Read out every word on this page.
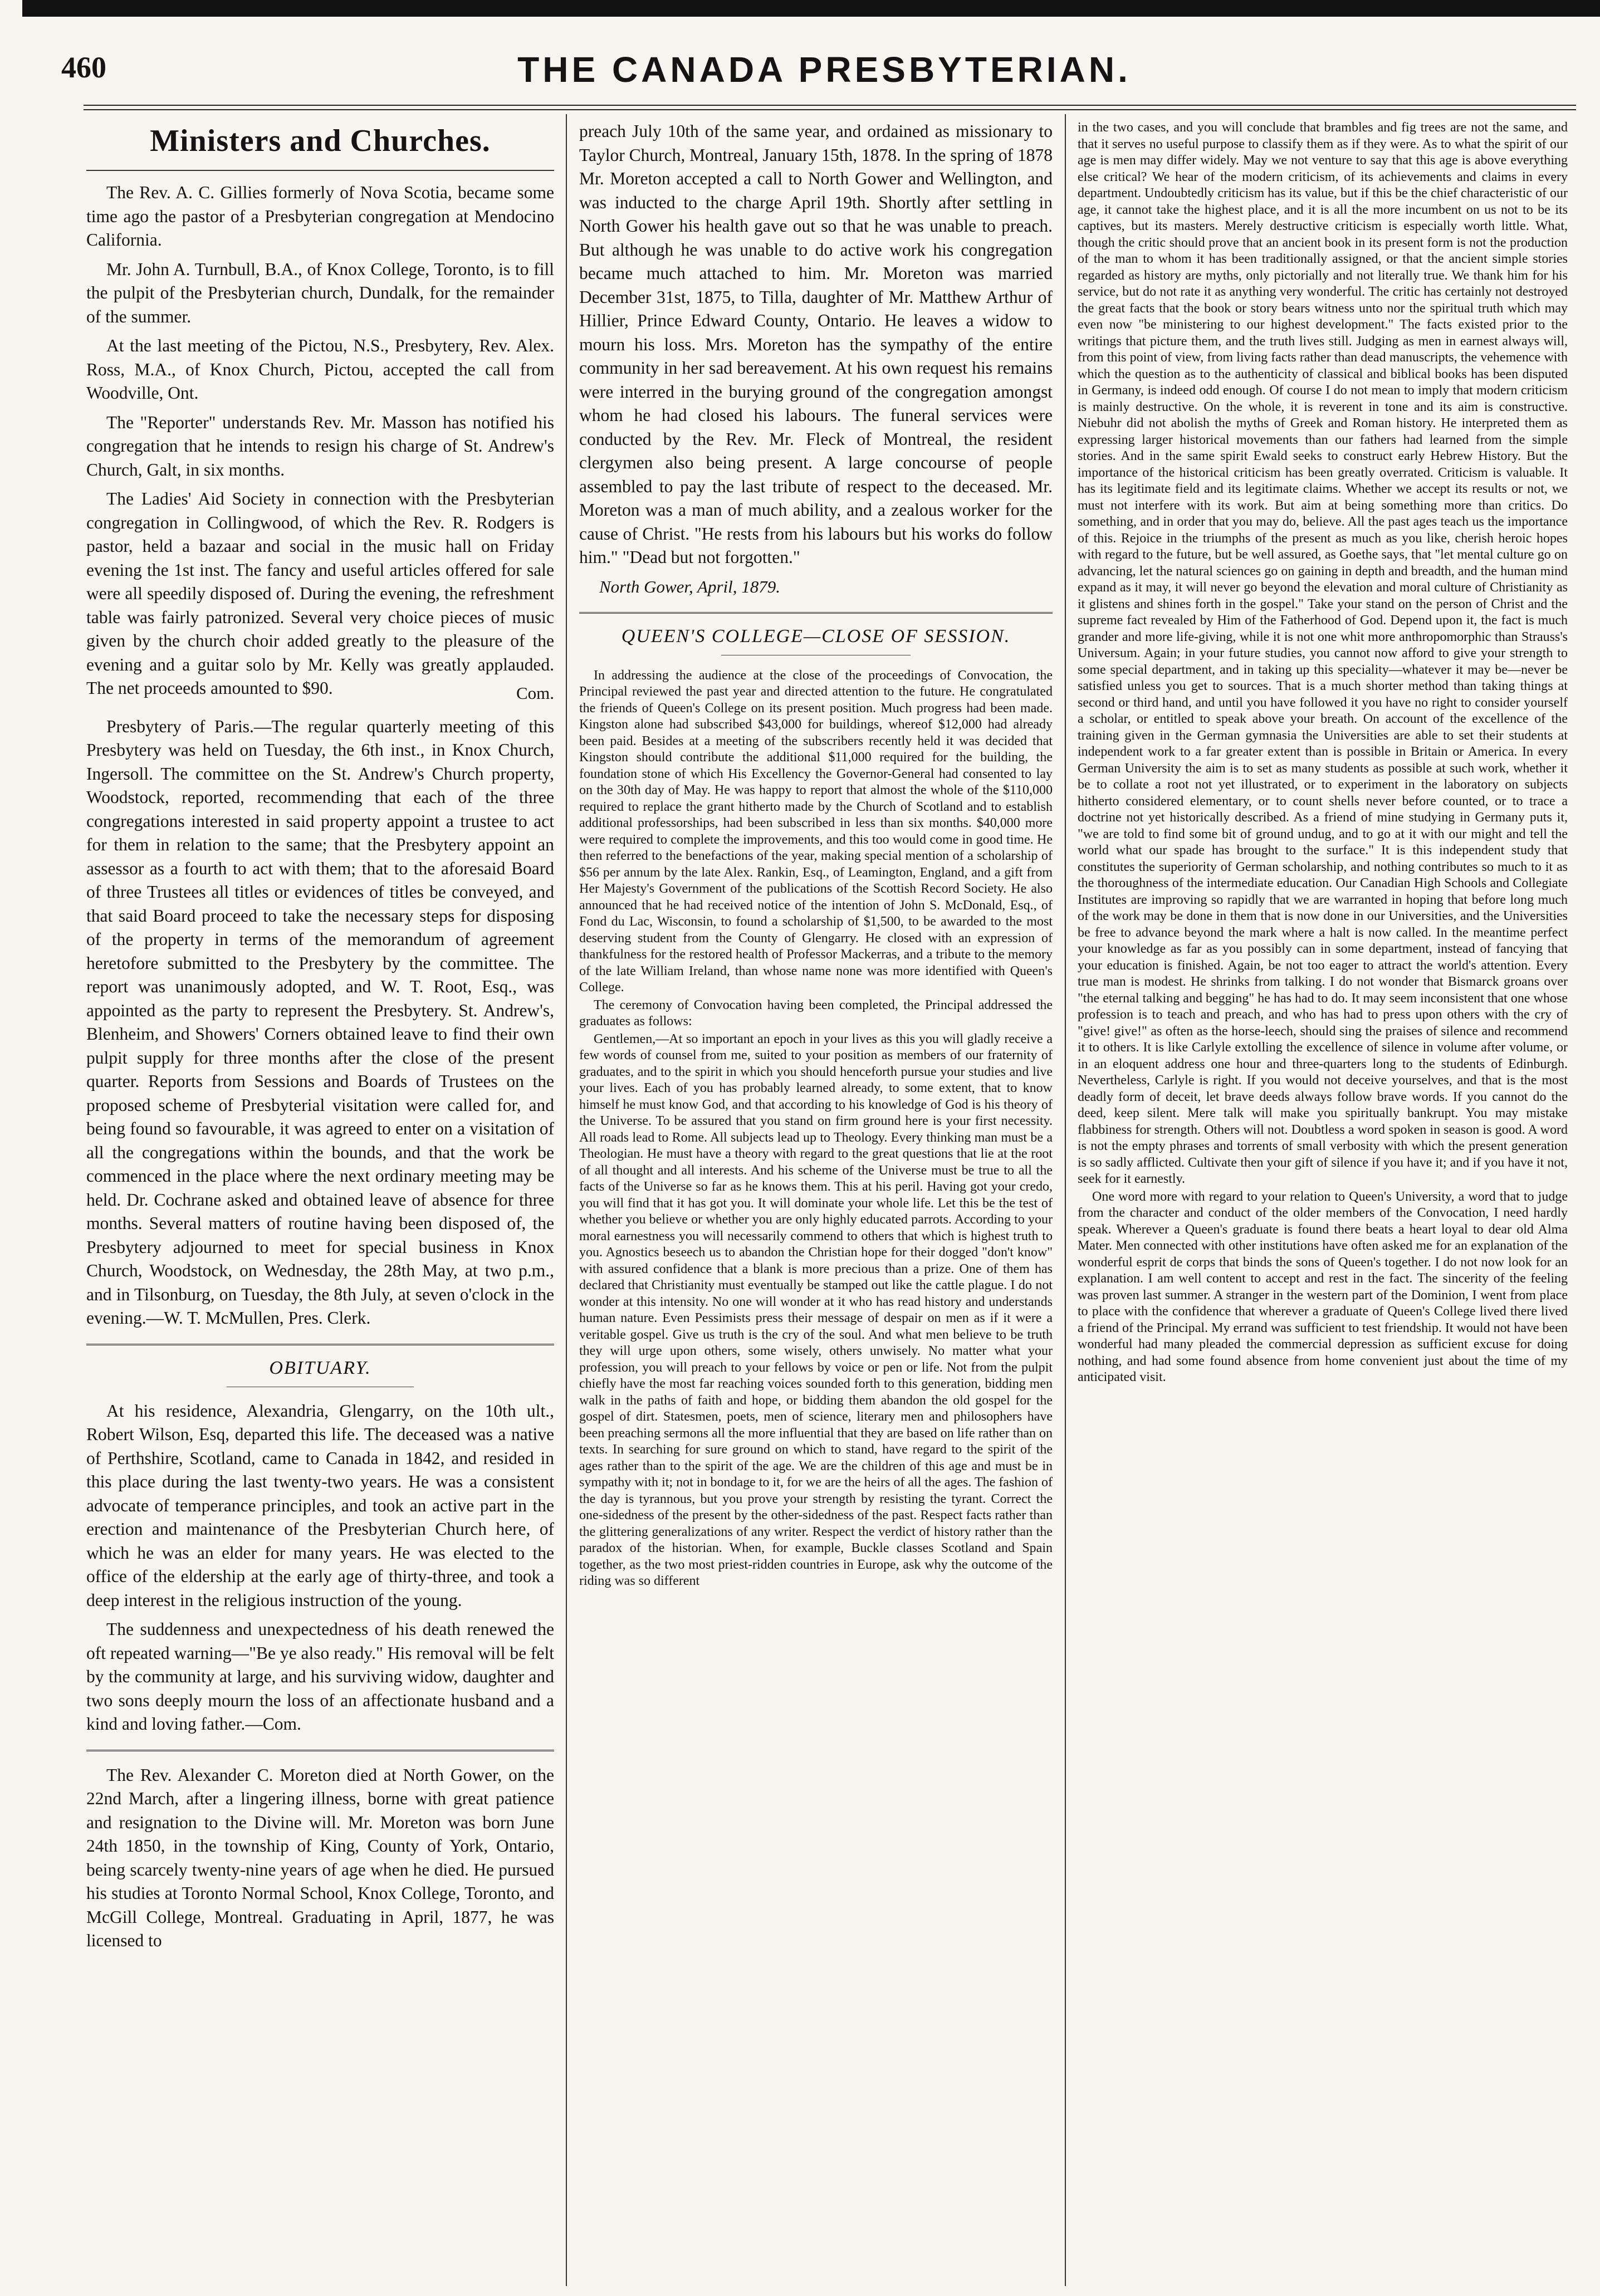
460	THE CANADA PRESBYTERIAN.
Ministers and Churches.

The Rev. A. C. Gillies formerly of Nova Scotia, became some time ago the pastor of a Presbyterian congregation at Mendocino California.

Mr. John A. Turnbull, B.A., of Knox College, Toronto, is to fill the pulpit of the Presbyterian church, Dundalk, for the remainder of the summer.

At the last meeting of the Pictou, N.S., Presbytery, Rev. Alex. Ross, M.A., of Knox Church, Pictou, accepted the call from Woodville, Ont.

The "Reporter" understands Rev. Mr. Masson has notified his congregation that he intends to resign his charge of St. Andrew's Church, Galt, in six months.

The Ladies' Aid Society in connection with the Presbyterian congregation in Collingwood, of which the Rev. R. Rodgers is pastor, held a bazaar and social in the music hall on Friday evening the 1st inst. The fancy and useful articles offered for sale were all speedily disposed of. During the evening, the refreshment table was fairly patronized. Several very choice pieces of music given by the church choir added greatly to the pleasure of the evening and a guitar solo by Mr. Kelly was greatly applauded. The net proceeds amounted to $90.	Com.

Presbytery of Paris.—The regular quarterly meeting of this Presbytery was held on Tuesday, the 6th inst., in Knox Church, Ingersoll. The committee on the St. Andrew's Church property, Woodstock, reported, recommending that each of the three congregations interested in said property appoint a trustee to act for them in relation to the same; that the Presbytery appoint an assessor as a fourth to act with them; that to the aforesaid Board of three Trustees all titles or evidences of titles be conveyed, and that said Board proceed to take the necessary steps for disposing of the property in terms of the memorandum of agreement heretofore submitted to the Presbytery by the committee. The report was unanimously adopted, and W. T. Root, Esq., was appointed as the party to represent the Presbytery. St. Andrew's, Blenheim, and Showers' Corners obtained leave to find their own pulpit supply for three months after the close of the present quarter. Reports from Sessions and Boards of Trustees on the proposed scheme of Presbyterial visitation were called for, and being found so favourable, it was agreed to enter on a visitation of all the congregations within the bounds, and that the work be commenced in the place where the next ordinary meeting may be held. Dr. Cochrane asked and obtained leave of absence for three months. Several matters of routine having been disposed of, the Presbytery adjourned to meet for special business in Knox Church, Woodstock, on Wednesday, the 28th May, at two p.m., and in Tilsonburg, on Tuesday, the 8th July, at seven o'clock in the evening.—W. T. McMullen, Pres. Clerk.

OBITUARY.

At his residence, Alexandria, Glengarry, on the 10th ult., Robert Wilson, Esq, departed this life. The deceased was a native of Perthshire, Scotland, came to Canada in 1842, and resided in this place during the last twenty-two years. He was a consistent advocate of temperance principles, and took an active part in the erection and maintenance of the Presbyterian Church here, of which he was an elder for many years. He was elected to the office of the eldership at the early age of thirty-three, and took a deep interest in the religious instruction of the young.

The suddenness and unexpectedness of his death renewed the oft repeated warning—"Be ye also ready." His removal will be felt by the community at large, and his surviving widow, daughter and two sons deeply mourn the loss of an affectionate husband and a kind and loving father.—Com.

The Rev. Alexander C. Moreton died at North Gower, on the 22nd March, after a lingering illness, borne with great patience and resignation to the Divine will. Mr. Moreton was born June 24th 1850, in the township of King, County of York, Ontario, being scarcely twenty-nine years of age when he died. He pursued his studies at Toronto Normal School, Knox College, Toronto, and McGill College, Montreal. Graduating in April, 1877, he was licensed to

preach July 10th of the same year, and ordained as missionary to Taylor Church, Montreal, January 15th, 1878. In the spring of 1878 Mr. Moreton accepted a call to North Gower and Wellington, and was inducted to the charge April 19th. Shortly after settling in North Gower his health gave out so that he was unable to preach. But although he was unable to do active work his congregation became much attached to him. Mr. Moreton was married December 31st, 1875, to Tilla, daughter of Mr. Matthew Arthur of Hillier, Prince Edward County, Ontario. He leaves a widow to mourn his loss. Mrs. Moreton has the sympathy of the entire community in her sad bereavement. At his own request his remains were interred in the burying ground of the congregation amongst whom he had closed his labours. The funeral services were conducted by the Rev. Mr. Fleck of Montreal, the resident clergymen also being present. A large concourse of people assembled to pay the last tribute of respect to the deceased. Mr. Moreton was a man of much ability, and a zealous worker for the cause of Christ. "He rests from his labours but his works do follow him." "Dead but not forgotten."

North Gower, April, 1879.
QUEEN'S COLLEGE—CLOSE OF SESSION.

In addressing the audience at the close of the proceedings of Convocation, the Principal reviewed the past year and directed attention to the future. He congratulated the friends of Queen's College on its present position. Much progress had been made. Kingston alone had subscribed $43,000 for buildings, whereof $12,000 had already been paid. Besides at a meeting of the subscribers recently held it was decided that Kingston should contribute the additional $11,000 required for the building, the foundation stone of which His Excellency the Governor-General had consented to lay on the 30th day of May. He was happy to report that almost the whole of the $110,000 required to replace the grant hitherto made by the Church of Scotland and to establish additional professorships, had been subscribed in less than six months. $40,000 more were required to complete the improvements, and this too would come in good time. He then referred to the benefactions of the year, making special mention of a scholarship of $56 per annum by the late Alex. Rankin, Esq., of Leamington, England, and a gift from Her Majesty's Government of the publications of the Scottish Record Society. He also announced that he had received notice of the intention of John S. McDonald, Esq., of Fond du Lac, Wisconsin, to found a scholarship of $1,500, to be awarded to the most deserving student from the County of Glengarry. He closed with an expression of thankfulness for the restored health of Professor Mackerras, and a tribute to the memory of the late William Ireland, than whose name none was more identified with Queen's College.

The ceremony of Convocation having been completed, the Principal addressed the graduates as follows:

Gentlemen,—At so important an epoch in your lives as this you will gladly receive a few words of counsel from me, suited to your position as members of our fraternity of graduates, and to the spirit in which you should henceforth pursue your studies and live your lives. Each of you has probably learned already, to some extent, that to know himself he must know God, and that according to his knowledge of God is his theory of the Universe. To be assured that you stand on firm ground here is your first necessity. All roads lead to Rome. All subjects lead up to Theology. Every thinking man must be a Theologian. He must have a theory with regard to the great questions that lie at the root of all thought and all interests. And his scheme of the Universe must be true to all the facts of the Universe so far as he knows them. This at his peril. Having got your credo, you will find that it has got you. It will dominate your whole life. Let this be the test of whether you believe or whether you are only highly educated parrots. According to your moral earnestness you will necessarily commend to others that which is highest truth to you. Agnostics beseech us to abandon the Christian hope for their dogged "don't know" with assured confidence that a blank is more precious than a prize. One of them has declared that Christianity must eventually be stamped out like the cattle plague. I do not wonder at this intensity. No one will wonder at it who has read history and understands human nature. Even Pessimists press their message of despair on men as if it were a veritable gospel. Give us truth is the cry of the soul. And what men believe to be truth they will urge upon others, some wisely, others unwisely. No matter what your profession, you will preach to your fellows by voice or pen or life. Not from the pulpit chiefly have the most far reaching voices sounded forth to this generation, bidding men walk in the paths of faith and hope, or bidding them abandon the old gospel for the gospel of dirt. Statesmen, poets, men of science, literary men and philosophers have been preaching sermons all the more influential that they are based on life rather than on texts. In searching for sure ground on which to stand, have regard to the spirit of the ages rather than to the spirit of the age. We are the children of this age and must be in sympathy with it; not in bondage to it, for we are the heirs of all the ages. The fashion of the day is tyrannous, but you prove your strength by resisting the tyrant. Correct the one-sidedness of the present by the other-sidedness of the past. Respect facts rather than the glittering generalizations of any writer. Respect the verdict of history rather than the paradox of the historian. When, for example, Buckle classes Scotland and Spain together, as the two most priest-ridden countries in Europe, ask why the outcome of the riding was so different

in the two cases, and you will conclude that brambles and fig trees are not the same, and that it serves no useful purpose to classify them as if they were. As to what the spirit of our age is men may differ widely. May we not venture to say that this age is above everything else critical? We hear of the modern criticism, of its achievements and claims in every department. Undoubtedly criticism has its value, but if this be the chief characteristic of our age, it cannot take the highest place, and it is all the more incumbent on us not to be its captives, but its masters. Merely destructive criticism is especially worth little. What, though the critic should prove that an ancient book in its present form is not the production of the man to whom it has been traditionally assigned, or that the ancient simple stories regarded as history are myths, only pictorially and not literally true. We thank him for his service, but do not rate it as anything very wonderful. The critic has certainly not destroyed the great facts that the book or story bears witness unto nor the spiritual truth which may even now "be ministering to our highest development." The facts existed prior to the writings that picture them, and the truth lives still. Judging as men in earnest always will, from this point of view, from living facts rather than dead manuscripts, the vehemence with which the question as to the authenticity of classical and biblical books has been disputed in Germany, is indeed odd enough. Of course I do not mean to imply that modern criticism is mainly destructive. On the whole, it is reverent in tone and its aim is constructive. Niebuhr did not abolish the myths of Greek and Roman history. He interpreted them as expressing larger historical movements than our fathers had learned from the simple stories. And in the same spirit Ewald seeks to construct early Hebrew History. But the importance of the historical criticism has been greatly overrated. Criticism is valuable. It has its legitimate field and its legitimate claims. Whether we accept its results or not, we must not interfere with its work. But aim at being something more than critics. Do something, and in order that you may do, believe. All the past ages teach us the importance of this. Rejoice in the triumphs of the present as much as you like, cherish heroic hopes with regard to the future, but be well assured, as Goethe says, that "let mental culture go on advancing, let the natural sciences go on gaining in depth and breadth, and the human mind expand as it may, it will never go beyond the elevation and moral culture of Christianity as it glistens and shines forth in the gospel." Take your stand on the person of Christ and the supreme fact revealed by Him of the Fatherhood of God. Depend upon it, the fact is much grander and more life-giving, while it is not one whit more anthropomorphic than Strauss's Universum. Again; in your future studies, you cannot now afford to give your strength to some special department, and in taking up this speciality—whatever it may be—never be satisfied unless you get to sources. That is a much shorter method than taking things at second or third hand, and until you have followed it you have no right to consider yourself a scholar, or entitled to speak above your breath. On account of the excellence of the training given in the German gymnasia the Universities are able to set their students at independent work to a far greater extent than is possible in Britain or America. In every German University the aim is to set as many students as possible at such work, whether it be to collate a root not yet illustrated, or to experiment in the laboratory on subjects hitherto considered elementary, or to count shells never before counted, or to trace a doctrine not yet historically described. As a friend of mine studying in Germany puts it, "we are told to find some bit of ground undug, and to go at it with our might and tell the world what our spade has brought to the surface." It is this independent study that constitutes the superiority of German scholarship, and nothing contributes so much to it as the thoroughness of the intermediate education. Our Canadian High Schools and Collegiate Institutes are improving so rapidly that we are warranted in hoping that before long much of the work may be done in them that is now done in our Universities, and the Universities be free to advance beyond the mark where a halt is now called. In the meantime perfect your knowledge as far as you possibly can in some department, instead of fancying that your education is finished. Again, be not too eager to attract the world's attention. Every true man is modest. He shrinks from talking. I do not wonder that Bismarck groans over "the eternal talking and begging" he has had to do. It may seem inconsistent that one whose profession is to teach and preach, and who has had to press upon others with the cry of "give! give!" as often as the horse-leech, should sing the praises of silence and recommend it to others. It is like Carlyle extolling the excellence of silence in volume after volume, or in an eloquent address one hour and three-quarters long to the students of Edinburgh. Nevertheless, Carlyle is right. If you would not deceive yourselves, and that is the most deadly form of deceit, let brave deeds always follow brave words. If you cannot do the deed, keep silent. Mere talk will make you spiritually bankrupt. You may mistake flabbiness for strength. Others will not. Doubtless a word spoken in season is good. A word is not the empty phrases and torrents of small verbosity with which the present generation is so sadly afflicted. Cultivate then your gift of silence if you have it; and if you have it not, seek for it earnestly.

One word more with regard to your relation to Queen's University, a word that to judge from the character and conduct of the older members of the Convocation, I need hardly speak. Wherever a Queen's graduate is found there beats a heart loyal to dear old Alma Mater. Men connected with other institutions have often asked me for an explanation of the wonderful esprit de corps that binds the sons of Queen's together. I do not now look for an explanation. I am well content to accept and rest in the fact. The sincerity of the feeling was proven last summer. A stranger in the western part of the Dominion, I went from place to place with the confidence that wherever a graduate of Queen's College lived there lived a friend of the Principal. My errand was sufficient to test friendship. It would not have been wonderful had many pleaded the commercial depression as sufficient excuse for doing nothing, and had some found absence from home convenient just about the time of my anticipated visit.
